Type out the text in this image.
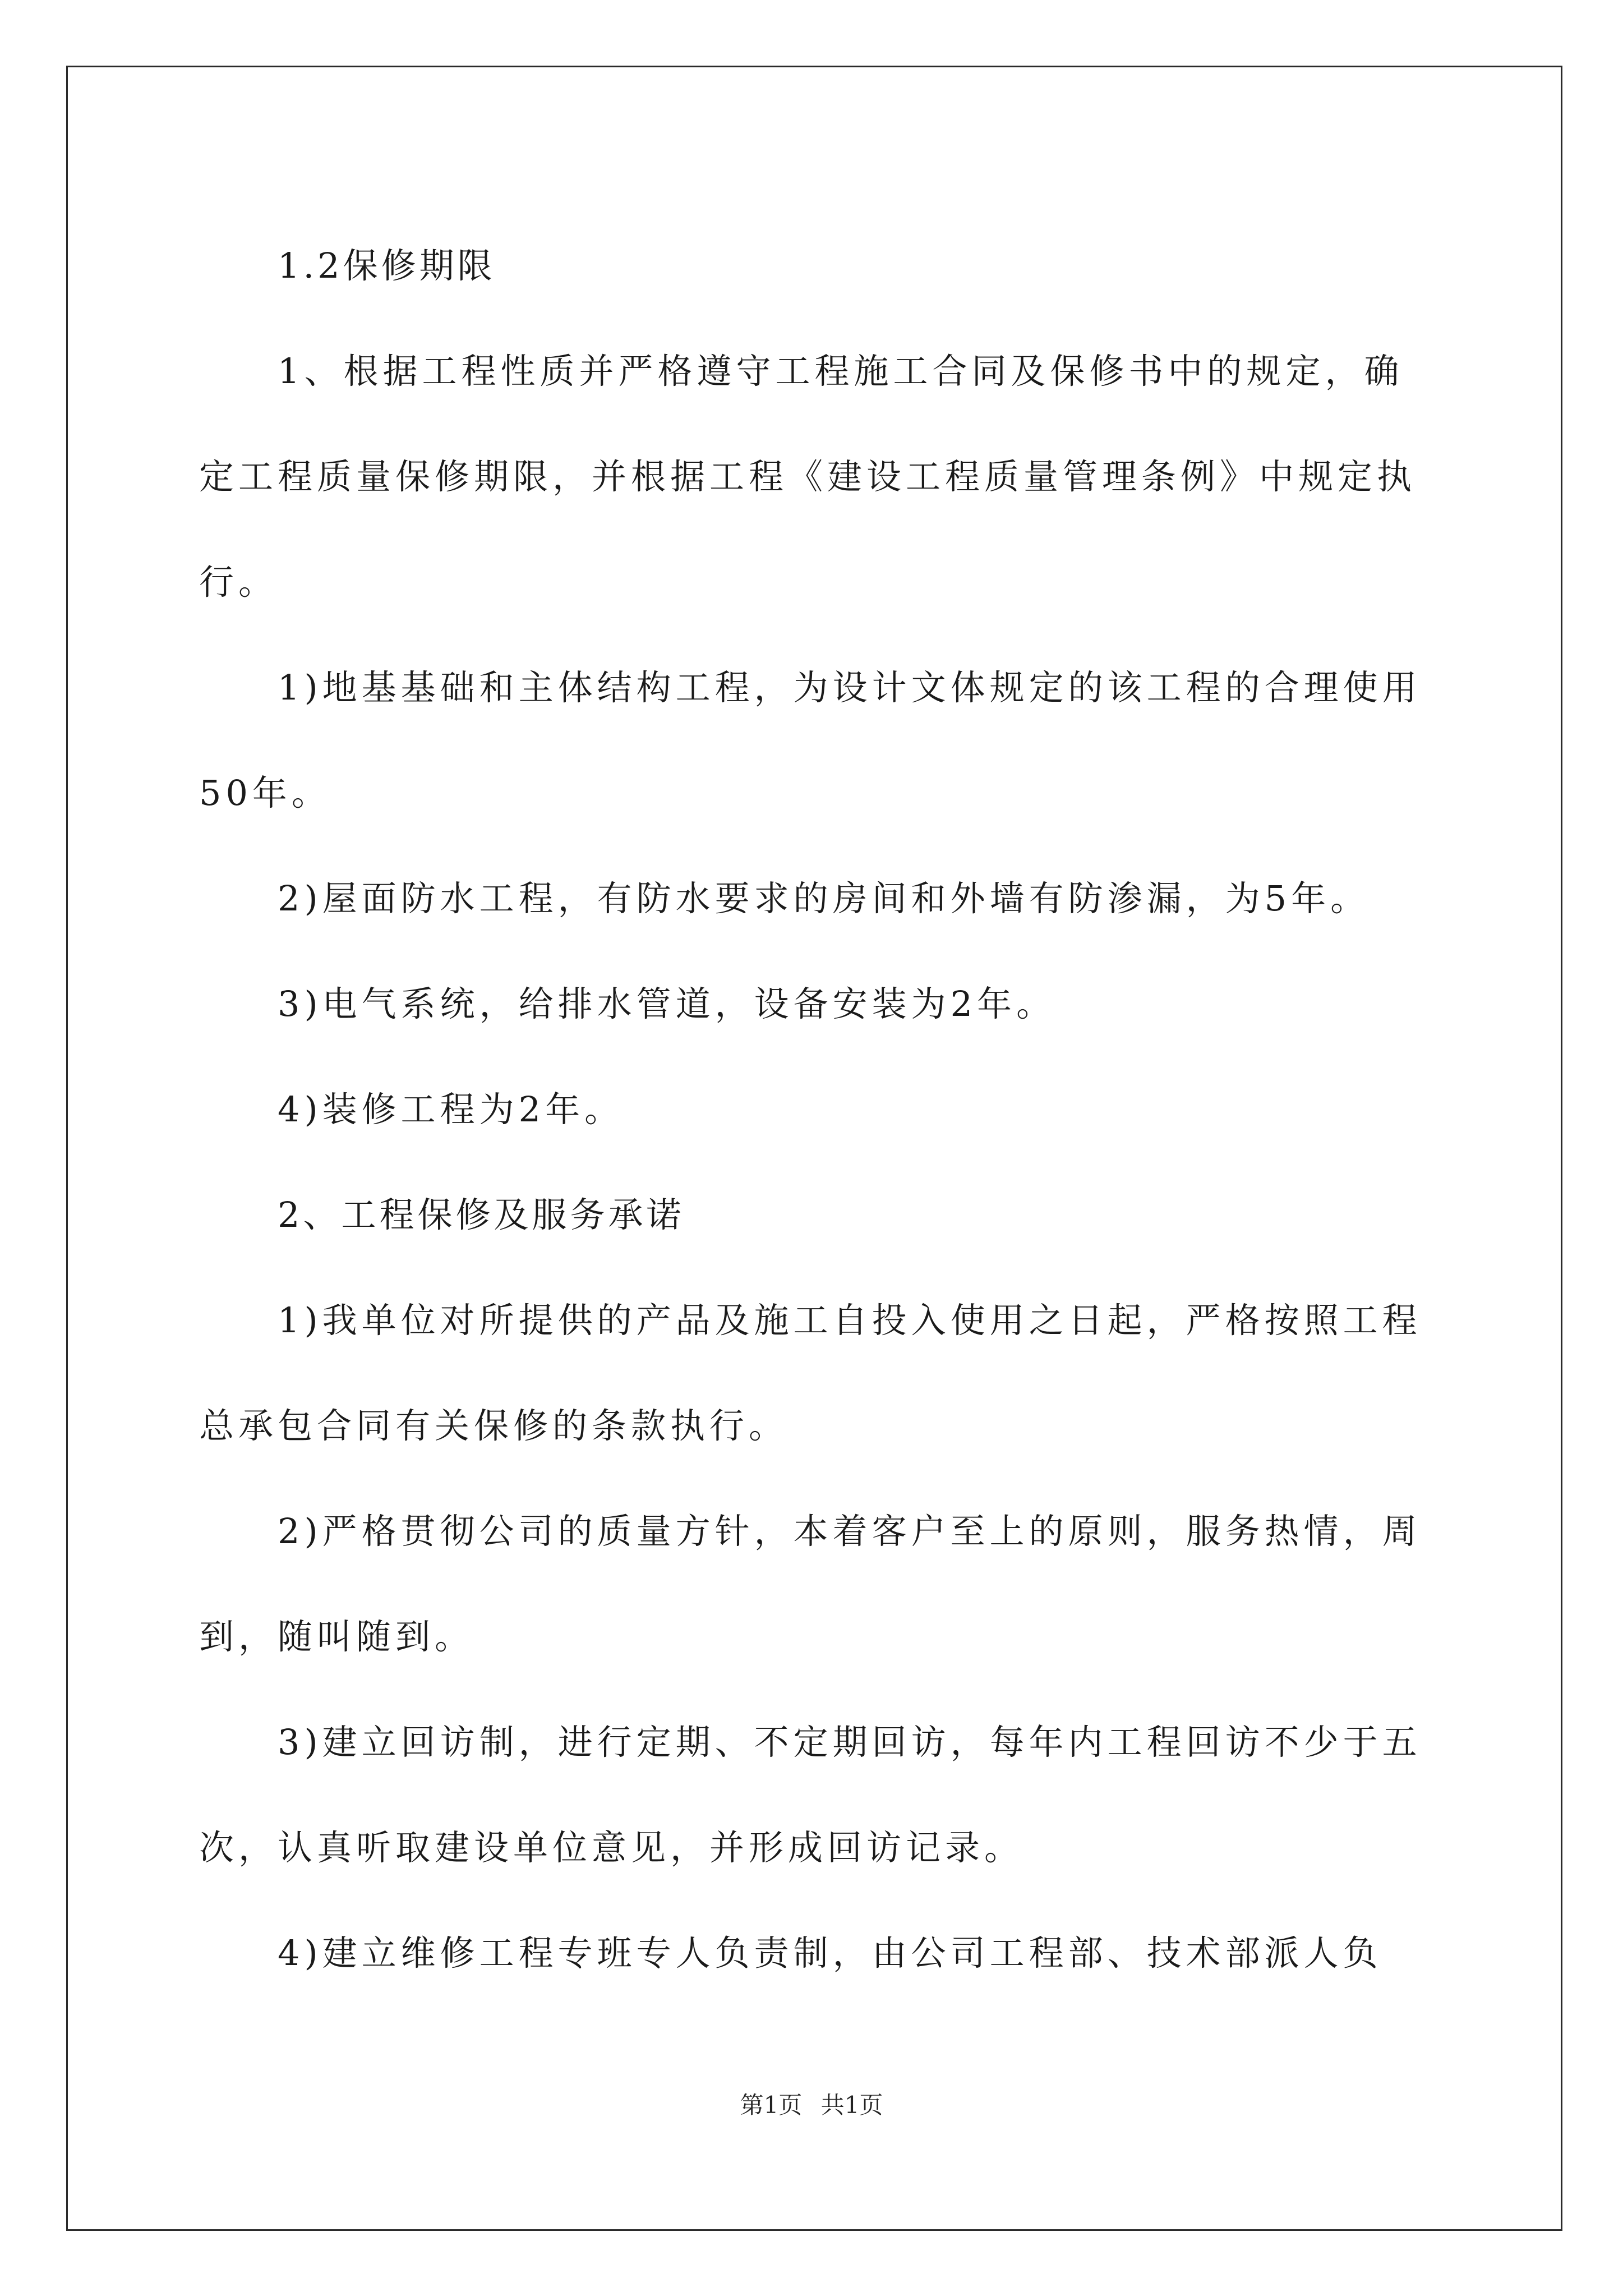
1.2保修期限

1、根据工程性质并严格遵守工程施工合同及保修书中的规定，确定工程质量保修期限，并根据工程《建设工程质量管理条例》中规定执行。

1)地基基础和主体结构工程，为设计文体规定的该工程的合理使用50年。

2)屋面防水工程，有防水要求的房间和外墙有防渗漏，为5年。

3)电气系统，给排水管道，设备安装为2年。

4)装修工程为2年。

2、工程保修及服务承诺

1)我单位对所提供的产品及施工自投入使用之日起，严格按照工程总承包合同有关保修的条款执行。

2)严格贯彻公司的质量方针，本着客户至上的原则，服务热情，周到，随叫随到。

3)建立回访制，进行定期、不定期回访，每年内工程回访不少于五次，认真听取建设单位意见，并形成回访记录。

4)建立维修工程专班专人负责制，由公司工程部、技术部派人负

第1页 共1页
